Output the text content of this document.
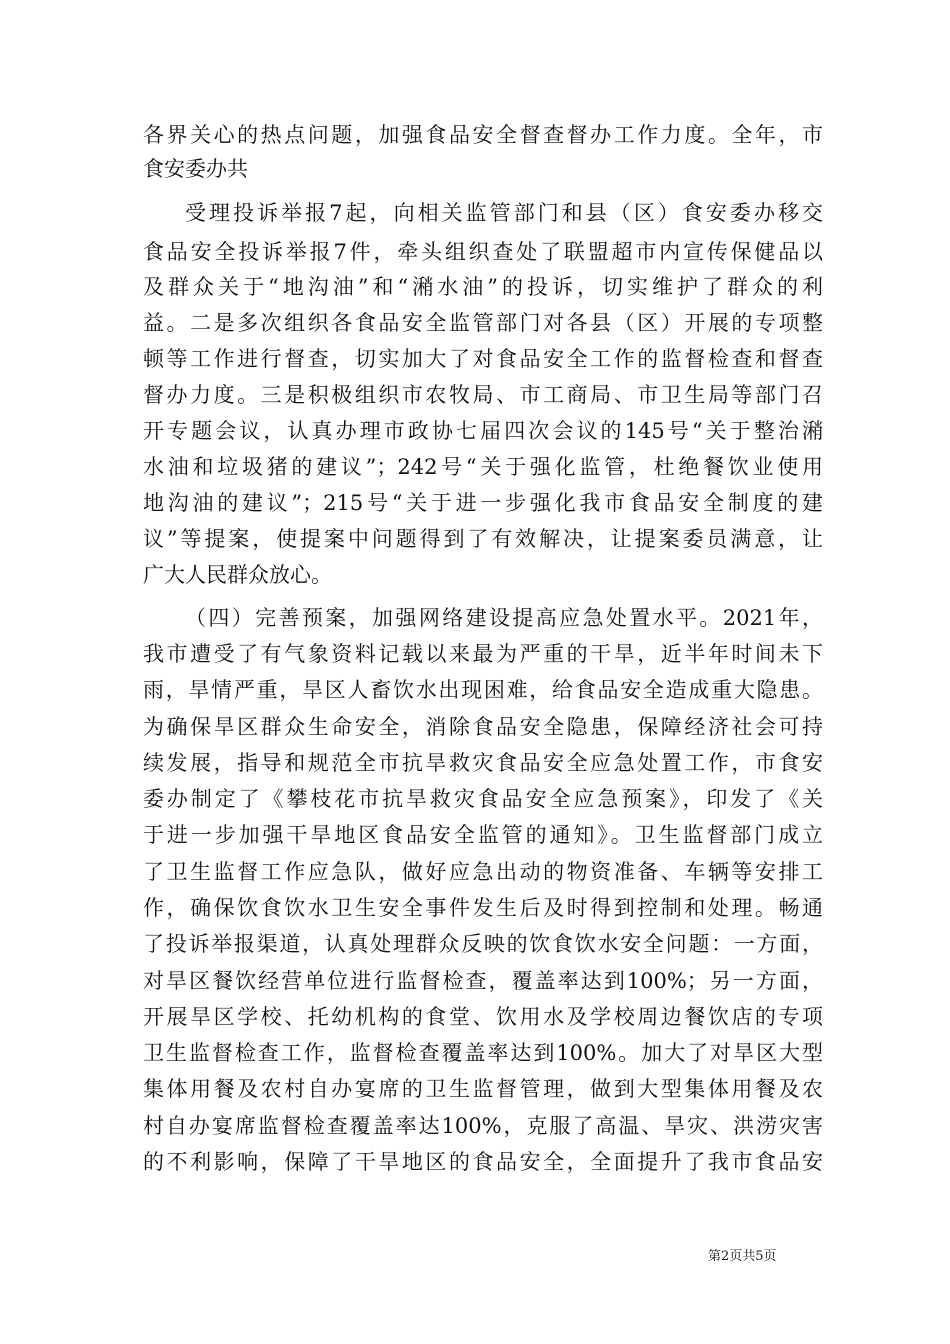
各界关心的热点问题，加强食品安全督查督办工作力度。全年，市
食安委办共
受理投诉举报7起，向相关监管部门和县（区）食安委办移交
食品安全投诉举报7件，牵头组织查处了联盟超市内宣传保健品以
及群众关于“地沟油”和“潲水油”的投诉，切实维护了群众的利
益。二是多次组织各食品安全监管部门对各县（区）开展的专项整
顿等工作进行督查，切实加大了对食品安全工作的监督检查和督查
督办力度。三是积极组织市农牧局、市工商局、市卫生局等部门召
开专题会议，认真办理市政协七届四次会议的145号“关于整治潲
水油和垃圾猪的建议”；242号“关于强化监管，杜绝餐饮业使用
地沟油的建议”；215号“关于进一步强化我市食品安全制度的建
议”等提案，使提案中问题得到了有效解决，让提案委员满意，让
广大人民群众放心。
（四）完善预案，加强网络建设提高应急处置水平。2021年，
我市遭受了有气象资料记载以来最为严重的干旱，近半年时间未下
雨，旱情严重，旱区人畜饮水出现困难，给食品安全造成重大隐患。
为确保旱区群众生命安全，消除食品安全隐患，保障经济社会可持
续发展，指导和规范全市抗旱救灾食品安全应急处置工作，市食安
委办制定了《攀枝花市抗旱救灾食品安全应急预案》，印发了《关
于进一步加强干旱地区食品安全监管的通知》。卫生监督部门成立
了卫生监督工作应急队，做好应急出动的物资准备、车辆等安排工
作，确保饮食饮水卫生安全事件发生后及时得到控制和处理。畅通
了投诉举报渠道，认真处理群众反映的饮食饮水安全问题：一方面，
对旱区餐饮经营单位进行监督检查，覆盖率达到100%；另一方面，
开展旱区学校、托幼机构的食堂、饮用水及学校周边餐饮店的专项
卫生监督检查工作，监督检查覆盖率达到100%。加大了对旱区大型
集体用餐及农村自办宴席的卫生监督管理，做到大型集体用餐及农
村自办宴席监督检查覆盖率达100%，克服了高温、旱灾、洪涝灾害
的不利影响，保障了干旱地区的食品安全，全面提升了我市食品安
第2页共5页
